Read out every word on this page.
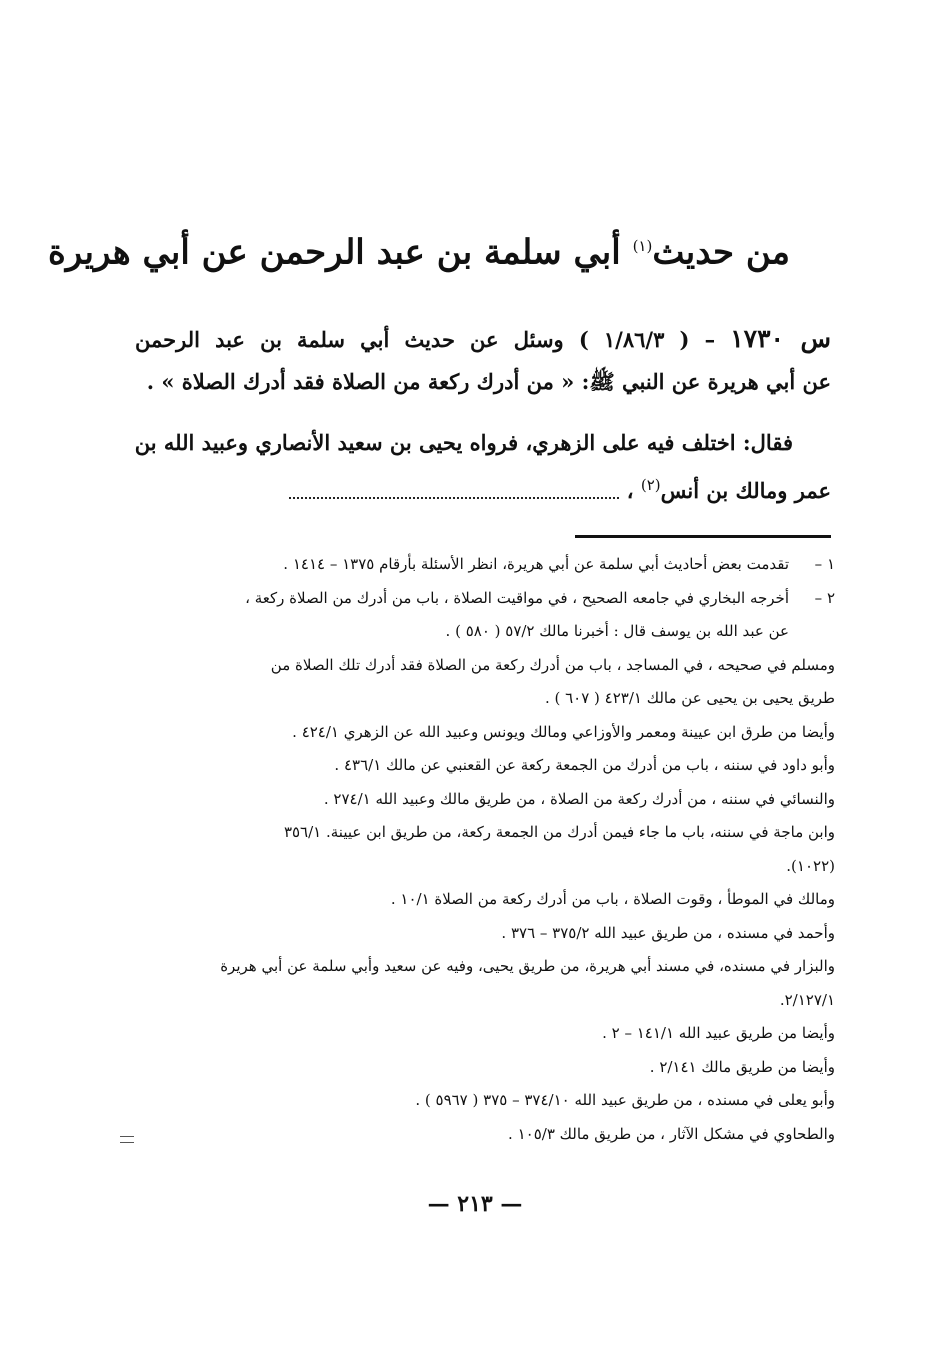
من حديث$^{(١)}$ أبي سلمة بن عبد الرحمن عن أبي هريرة
س ١٧٣٠ – ( ١/٨٦/٣ ) وسئل عن حديث أبي سلمة بن عبد الرحمن
عن أبي هريرة عن النبي ﷺ: « من أدرك ركعة من الصلاة فقد أدرك الصلاة » .
فقال: اختلف فيه على الزهري، فرواه يحيى بن سعيد الأنصاري وعبيد الله بن
عمر ومالك بن أنس$^{(٢)}$ ،
١ –
تقدمت بعض أحاديث أبي سلمة عن أبي هريرة، انظر الأسئلة بأرقام ١٣٧٥ – ١٤١٤ .
٢ –
أخرجه البخاري في جامعه الصحيح ، في مواقيت الصلاة ، باب من أدرك من الصلاة ركعة ،
عن عبد الله بن يوسف قال : أخبرنا مالك ٥٧/٢ ( ٥٨٠ ) .
ومسلم في صحيحه ، في المساجد ، باب من أدرك ركعة من الصلاة فقد أدرك تلك الصلاة من
طريق يحيى بن يحيى عن مالك ٤٢٣/١ ( ٦٠٧ ) .
وأيضا من طرق ابن عيينة ومعمر والأوزاعي ومالك ويونس وعبيد الله عن الزهري ٤٢٤/١ .
وأبو داود في سننه ، باب من أدرك من الجمعة ركعة عن القعنبي عن مالك ٤٣٦/١ .
والنسائي في سننه ، من أدرك ركعة من الصلاة ، من طريق مالك وعبيد الله ٢٧٤/١ .
وابن ماجة في سننه، باب ما جاء فيمن أدرك من الجمعة ركعة، من طريق ابن عيينة. ٣٥٦/١
(١٠٢٢).
ومالك في الموطأ ، وقوت الصلاة ، باب من أدرك ركعة من الصلاة ١٠/١ .
وأحمد في مسنده ، من طريق عبيد الله ٣٧٥/٢ – ٣٧٦ .
والبزار في مسنده، في مسند أبي هريرة، من طريق يحيى، وفيه عن سعيد وأبي سلمة عن أبي هريرة
٢/١٢٧/١.
وأيضا من طريق عبيد الله ١٤١/١ – ٢ .
وأيضا من طريق مالك ٢/١٤١ .
وأبو يعلى في مسنده ، من طريق عبيد الله ٣٧٤/١٠ – ٣٧٥ ( ٥٩٦٧ ) .
والطحاوي في مشكل الآثار ، من طريق مالك ١٠٥/٣ .
— ٢١٣ —
